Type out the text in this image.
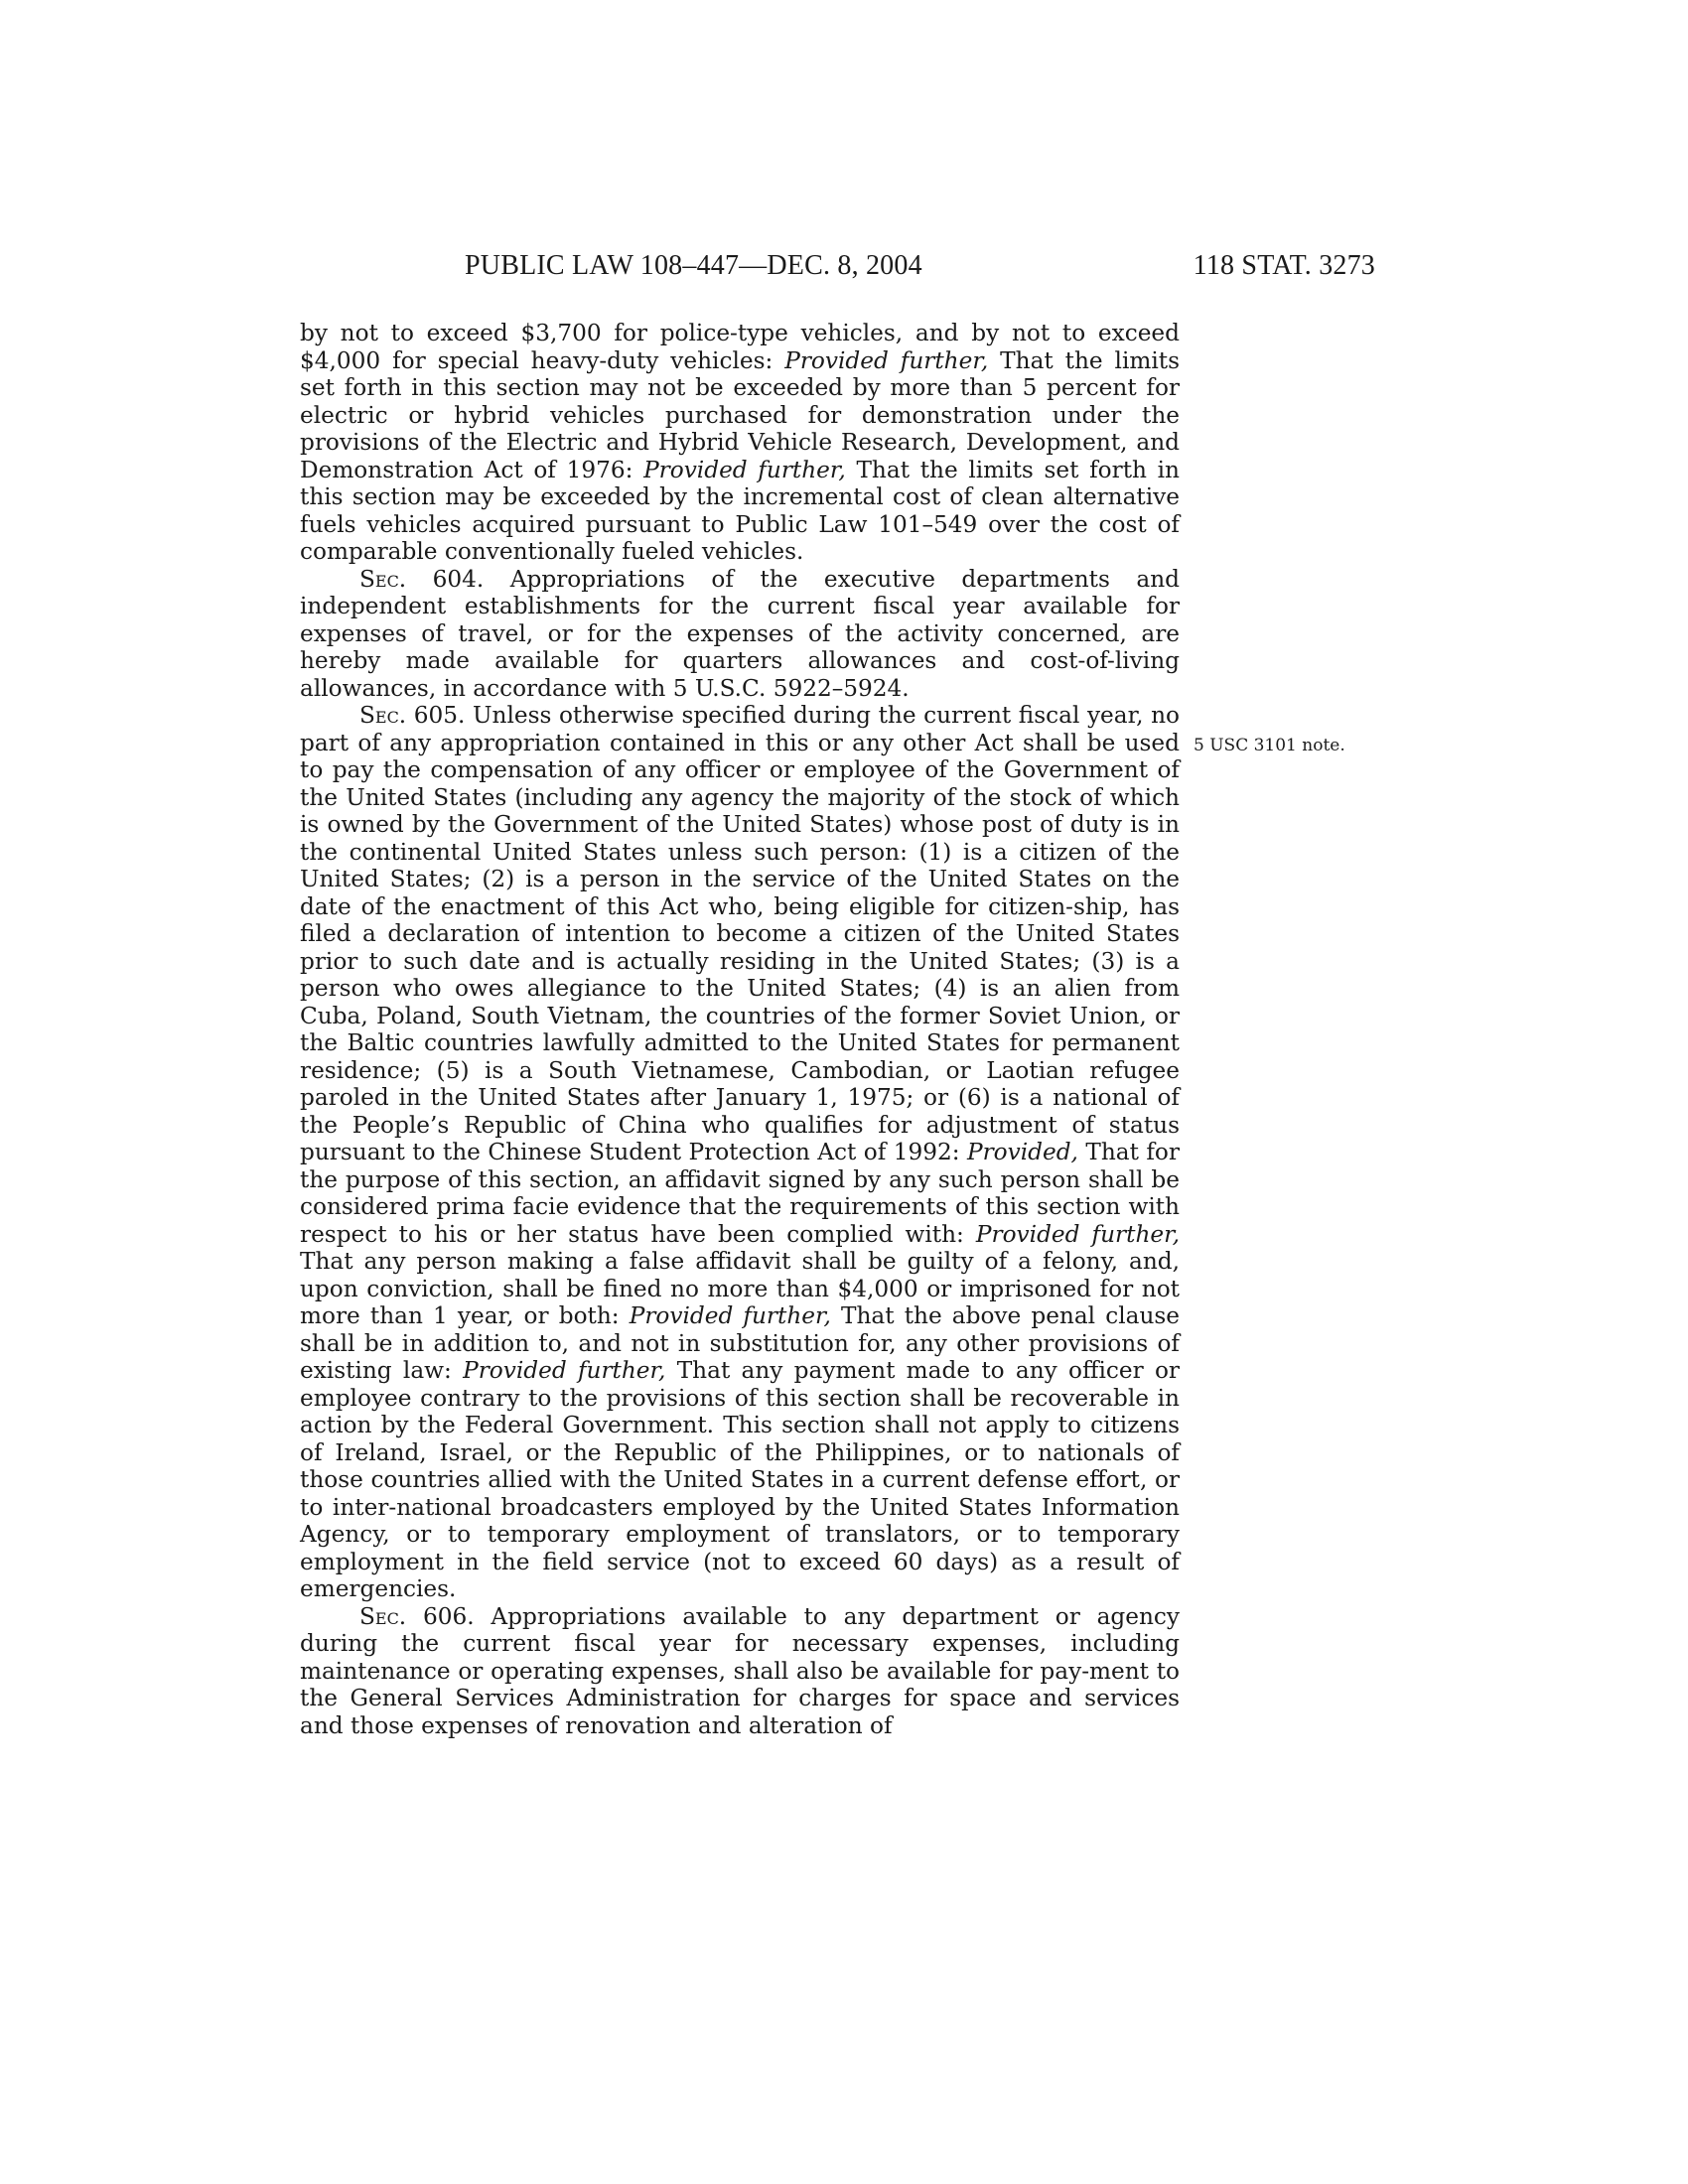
PUBLIC LAW 108–447—DEC. 8, 2004	118 STAT. 3273
5 USC 3101 note.

by not to exceed $3,700 for police-type vehicles, and by not to exceed $4,000 for special heavy-duty vehicles: Provided further, That the limits set forth in this section may not be exceeded by more than 5 percent for electric or hybrid vehicles purchased for demonstration under the provisions of the Electric and Hybrid Vehicle Research, Development, and Demonstration Act of 1976: Provided further, That the limits set forth in this section may be exceeded by the incremental cost of clean alternative fuels vehicles acquired pursuant to Public Law 101–549 over the cost of comparable conventionally fueled vehicles.

Sec. 604. Appropriations of the executive departments and independent establishments for the current fiscal year available for expenses of travel, or for the expenses of the activity concerned, are hereby made available for quarters allowances and cost-of-living allowances, in accordance with 5 U.S.C. 5922–5924.

Sec. 605. Unless otherwise specified during the current fiscal year, no part of any appropriation contained in this or any other Act shall be used to pay the compensation of any officer or employee of the Government of the United States (including any agency the majority of the stock of which is owned by the Government of the United States) whose post of duty is in the continental United States unless such person: (1) is a citizen of the United States; (2) is a person in the service of the United States on the date of the enactment of this Act who, being eligible for citizen-ship, has filed a declaration of intention to become a citizen of the United States prior to such date and is actually residing in the United States; (3) is a person who owes allegiance to the United States; (4) is an alien from Cuba, Poland, South Vietnam, the countries of the former Soviet Union, or the Baltic countries lawfully admitted to the United States for permanent residence; (5) is a South Vietnamese, Cambodian, or Laotian refugee paroled in the United States after January 1, 1975; or (6) is a national of the People’s Republic of China who qualifies for adjustment of status pursuant to the Chinese Student Protection Act of 1992: Provided, That for the purpose of this section, an affidavit signed by any such person shall be considered prima facie evidence that the requirements of this section with respect to his or her status have been complied with: Provided further, That any person making a false affidavit shall be guilty of a felony, and, upon conviction, shall be fined no more than $4,000 or imprisoned for not more than 1 year, or both: Provided further, That the above penal clause shall be in addition to, and not in substitution for, any other provisions of existing law: Provided further, That any payment made to any officer or employee contrary to the provisions of this section shall be recoverable in action by the Federal Government. This section shall not apply to citizens of Ireland, Israel, or the Republic of the Philippines, or to nationals of those countries allied with the United States in a current defense effort, or to inter-national broadcasters employed by the United States Information Agency, or to temporary employment of translators, or to temporary employment in the field service (not to exceed 60 days) as a result of emergencies.

Sec. 606. Appropriations available to any department or agency during the current fiscal year for necessary expenses, including maintenance or operating expenses, shall also be available for pay-ment to the General Services Administration for charges for space and services and those expenses of renovation and alteration of
